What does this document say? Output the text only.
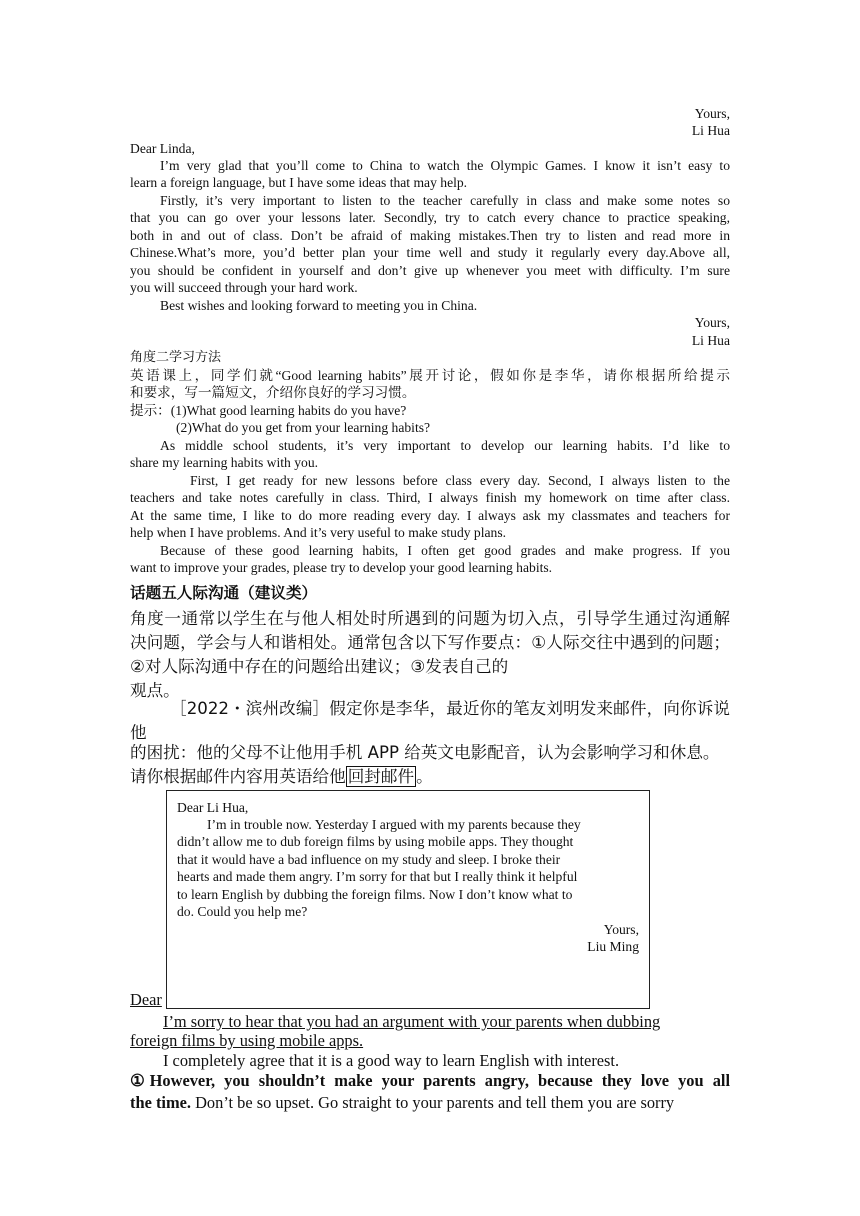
Yours,
Li Hua
Dear Linda,
I’m very glad that you’ll come to China to watch the Olympic Games. I know it isn’t easy to
learn a foreign language, but I have some ideas that may help.
Firstly, it’s very important to listen to the teacher carefully in class and make some notes so
that you can go over your lessons later. Secondly, try to catch every chance to practice speaking,
both in and out of class. Don’t be afraid of making mistakes.Then try to listen and read more in
Chinese.What’s more, you’d better plan your time well and study it regularly every day.Above all,
you should be confident in yourself and don’t give up whenever you meet with difficulty. I’m sure
you will succeed through your hard work.
Best wishes and looking forward to meeting you in China.
Yours,
Li Hua
角度二学习方法
英语课上，同学们就“Good learning habits”展开讨论，假如你是李华，请你根据所给提示
和要求，写一篇短文，介绍你良好的学习习惯。
提示：(1)What good learning habits do you have?
(2)What do you get from your learning habits?
As middle school students, it’s very important to develop our learning habits. I’d like to
share my learning habits with you.
First, I get ready for new lessons before class every day. Second, I always listen to the
teachers and take notes carefully in class. Third, I always finish my homework on time after class.
At the same time, I like to do more reading every day. I always ask my classmates and teachers for
help when I have problems. And it’s very useful to make study plans.
Because of these good learning habits, I often get good grades and make progress. If you
want to improve your grades, please try to develop your good learning habits.
话题五人际沟通（建议类）
角度一通常以学生在与他人相处时所遇到的问题为切入点，引导学生通过沟通解
决问题，学会与人和谐相处。通常包含以下写作要点：①人际交往中遇到的问题；
②对人际沟通中存在的问题给出建议；③发表自己的
观点。
［2022・滨州改编］假定你是李华，最近你的笔友刘明发来邮件，向你诉说
他
的困扰：他的父母不让他用手机 APP 给英文电影配音，认为会影响学习和休息。
请你根据邮件内容用英语给他 回封邮件 。
Dear Li Hua,
I’m in trouble now. Yesterday I argued with my parents because they
didn’t allow me to dub foreign films by using mobile apps. They thought
that it would have a bad influence on my study and sleep. I broke their
hearts and made them angry. I’m sorry for that but I really think it helpful
to learn English by dubbing the foreign films. Now I don’t know what to
do. Could you help me?
Yours,
Liu Ming
Dear
I’m sorry to hear that you had an argument with your parents when dubbing
foreign films by using mobile apps.
I completely agree that it is a good way to learn English with interest.
①However, you shouldn’t make your parents angry, because they love you all
the time. Don’t be so upset. Go straight to your parents and tell them you are sorry
